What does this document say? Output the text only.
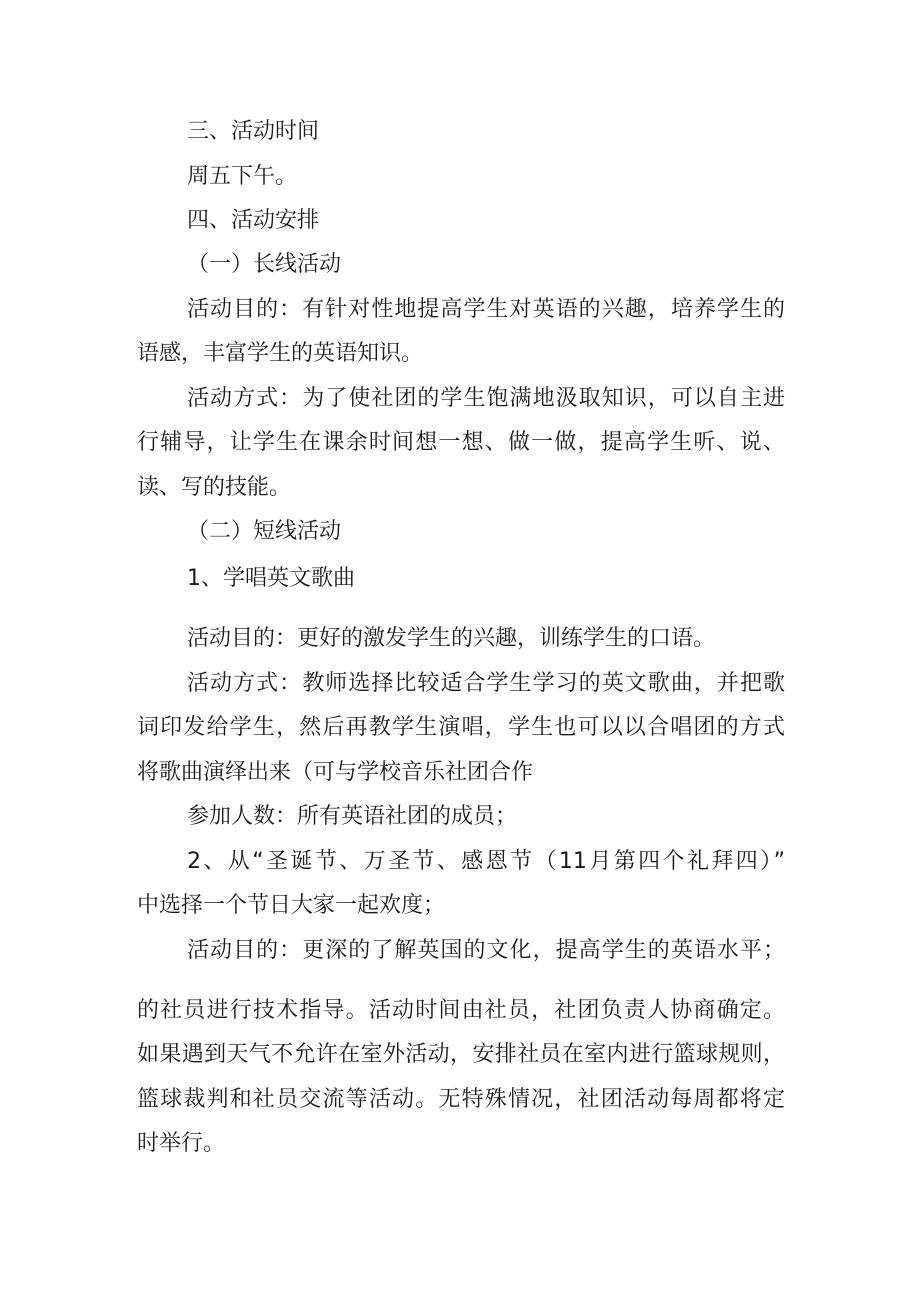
三、活动时间

周五下午。

四、活动安排

（一）长线活动

活动目的：有针对性地提高学生对英语的兴趣，培养学生的

语感，丰富学生的英语知识。

活动方式：为了使社团的学生饱满地汲取知识，可以自主进

行辅导，让学生在课余时间想一想、做一做，提高学生听、说、

读、写的技能。

（二）短线活动

1、学唱英文歌曲

活动目的：更好的激发学生的兴趣，训练学生的口语。

活动方式：教师选择比较适合学生学习的英文歌曲，并把歌

词印发给学生，然后再教学生演唱，学生也可以以合唱团的方式

将歌曲演绎出来（可与学校音乐社团合作

参加人数：所有英语社团的成员；

2、从“圣诞节、万圣节、感恩节（11月第四个礼拜四）”

中选择一个节日大家一起欢度；

活动目的：更深的了解英国的文化，提高学生的英语水平；

的社员进行技术指导。活动时间由社员，社团负责人协商确定。

如果遇到天气不允许在室外活动，安排社员在室内进行篮球规则，

篮球裁判和社员交流等活动。无特殊情况，社团活动每周都将定

时举行。
